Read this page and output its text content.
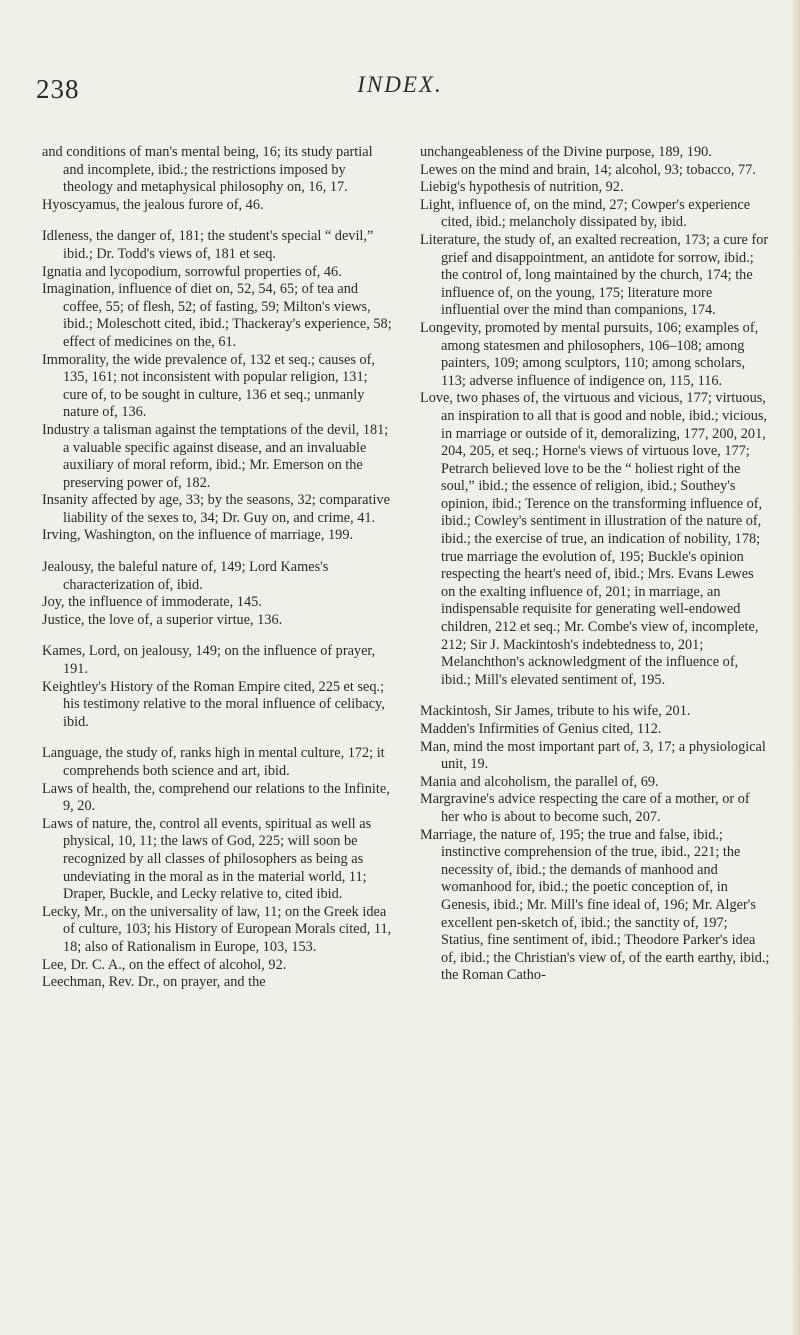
238	INDEX.

and conditions of man's mental being, 16; its study partial and incomplete, ibid.; the restrictions imposed by theology and metaphysical philosophy on, 16, 17.

Hyoscyamus, the jealous furore of, 46.

Idleness, the danger of, 181; the student's special “ devil,” ibid.; Dr. Todd's views of, 181 et seq.

Ignatia and lycopodium, sorrowful properties of, 46.

Imagination, influence of diet on, 52, 54, 65; of tea and coffee, 55; of flesh, 52; of fasting, 59; Milton's views, ibid.; Moleschott cited, ibid.; Thackeray's experience, 58; effect of medicines on the, 61.

Immorality, the wide prevalence of, 132 et seq.; causes of, 135, 161; not inconsistent with popular religion, 131; cure of, to be sought in culture, 136 et seq.; unmanly nature of, 136.

Industry a talisman against the temptations of the devil, 181; a valuable specific against disease, and an invaluable auxiliary of moral reform, ibid.; Mr. Emerson on the preserving power of, 182.

Insanity affected by age, 33; by the seasons, 32; comparative liability of the sexes to, 34; Dr. Guy on, and crime, 41.

Irving, Washington, on the influence of marriage, 199.

Jealousy, the baleful nature of, 149; Lord Kames's characterization of, ibid.

Joy, the influence of immoderate, 145.

Justice, the love of, a superior virtue, 136.

Kames, Lord, on jealousy, 149; on the influence of prayer, 191.

Keightley's History of the Roman Empire cited, 225 et seq.; his testimony relative to the moral influence of celibacy, ibid.

Language, the study of, ranks high in mental culture, 172; it comprehends both science and art, ibid.

Laws of health, the, comprehend our relations to the Infinite, 9, 20.

Laws of nature, the, control all events, spiritual as well as physical, 10, 11; the laws of God, 225; will soon be recognized by all classes of philosophers as being as undeviating in the moral as in the material world, 11; Draper, Buckle, and Lecky relative to, cited ibid.

Lecky, Mr., on the universality of law, 11; on the Greek idea of culture, 103; his History of European Morals cited, 11, 18; also of Rationalism in Europe, 103, 153.

Lee, Dr. C. A., on the effect of alcohol, 92.

Leechman, Rev. Dr., on prayer, and the

unchangeableness of the Divine purpose, 189, 190.

Lewes on the mind and brain, 14; alcohol, 93; tobacco, 77.

Liebig's hypothesis of nutrition, 92.

Light, influence of, on the mind, 27; Cowper's experience cited, ibid.; melancholy dissipated by, ibid.

Literature, the study of, an exalted recreation, 173; a cure for grief and disappointment, an antidote for sorrow, ibid.; the control of, long maintained by the church, 174; the influence of, on the young, 175; literature more influential over the mind than companions, 174.

Longevity, promoted by mental pursuits, 106; examples of, among statesmen and philosophers, 106–108; among painters, 109; among sculptors, 110; among scholars, 113; adverse influence of indigence on, 115, 116.

Love, two phases of, the virtuous and vicious, 177; virtuous, an inspiration to all that is good and noble, ibid.; vicious, in marriage or outside of it, demoralizing, 177, 200, 201, 204, 205, et seq.; Horne's views of virtuous love, 177; Petrarch believed love to be the “ holiest right of the soul,” ibid.; the essence of religion, ibid.; Southey's opinion, ibid.; Terence on the transforming influence of, ibid.; Cowley's sentiment in illustration of the nature of, ibid.; the exercise of true, an indication of nobility, 178; true marriage the evolution of, 195; Buckle's opinion respecting the heart's need of, ibid.; Mrs. Evans Lewes on the exalting influence of, 201; in marriage, an indispensable requisite for generating well-endowed children, 212 et seq.; Mr. Combe's view of, incomplete, 212; Sir J. Mackintosh's indebtedness to, 201; Melanchthon's acknowledgment of the influence of, ibid.; Mill's elevated sentiment of, 195.

Mackintosh, Sir James, tribute to his wife, 201.

Madden's Infirmities of Genius cited, 112.

Man, mind the most important part of, 3, 17; a physiological unit, 19.

Mania and alcoholism, the parallel of, 69.

Margravine's advice respecting the care of a mother, or of her who is about to become such, 207.

Marriage, the nature of, 195; the true and false, ibid.; instinctive comprehension of the true, ibid., 221; the necessity of, ibid.; the demands of manhood and womanhood for, ibid.; the poetic conception of, in Genesis, ibid.; Mr. Mill's fine ideal of, 196; Mr. Alger's excellent pen-sketch of, ibid.; the sanctity of, 197; Statius, fine sentiment of, ibid.; Theodore Parker's idea of, ibid.; the Christian's view of, of the earth earthy, ibid.; the Roman Catho-
